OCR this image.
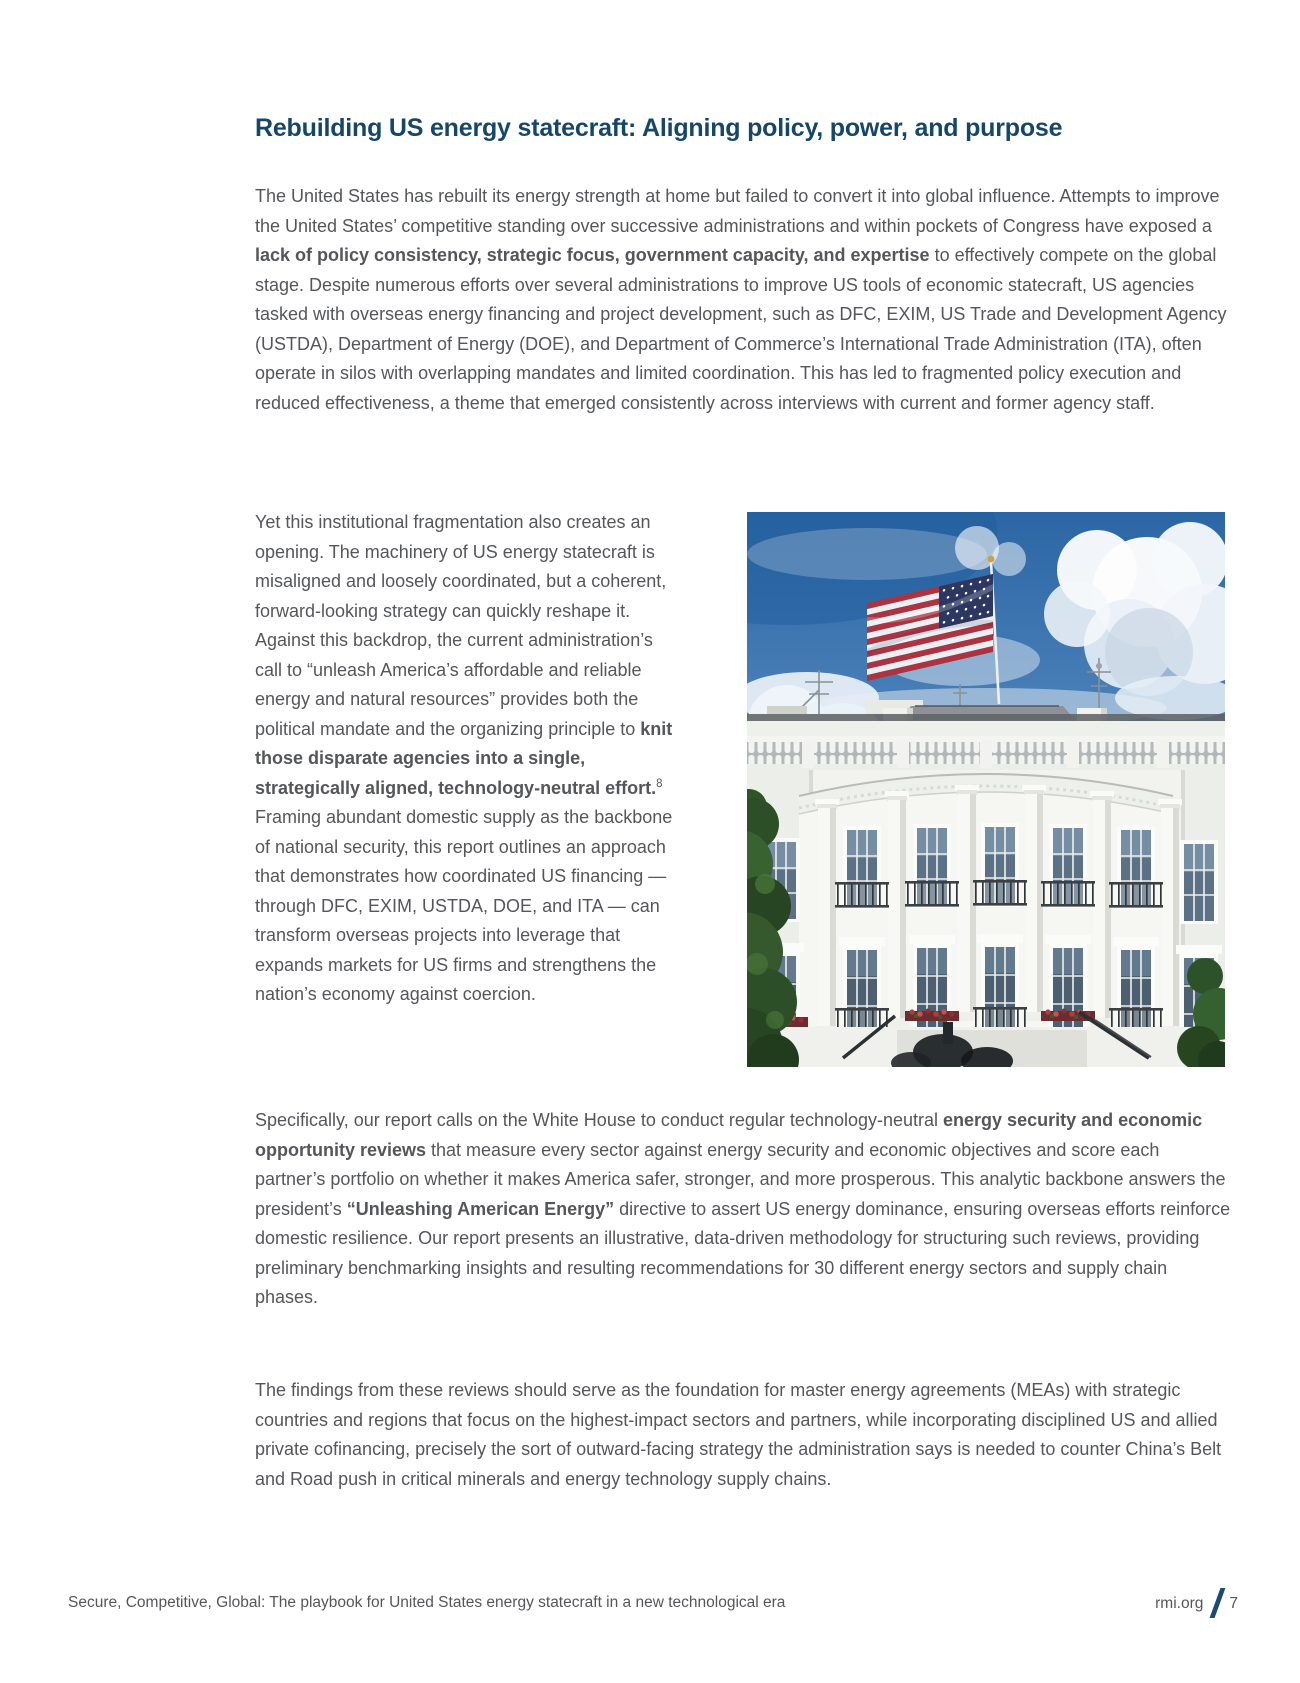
Rebuilding US energy statecraft: Aligning policy, power, and purpose

The United States has rebuilt its energy strength at home but failed to convert it into global influence. Attempts to improve the United States’ competitive standing over successive administrations and within pockets of Congress have exposed a lack of policy consistency, strategic focus, government capacity, and expertise to effectively compete on the global stage. Despite numerous efforts over several administrations to improve US tools of economic statecraft, US agencies tasked with overseas energy financing and project development, such as DFC, EXIM, US Trade and Development Agency (USTDA), Department of Energy (DOE), and Department of Commerce’s International Trade Administration (ITA), often operate in silos with overlapping mandates and limited coordination. This has led to fragmented policy execution and reduced effectiveness, a theme that emerged consistently across interviews with current and former agency staff.

Yet this institutional fragmentation also creates an opening. The machinery of US energy statecraft is misaligned and loosely coordinated, but a coherent, forward-looking strategy can quickly reshape it. Against this backdrop, the current administration’s call to “unleash America’s affordable and reliable energy and natural resources” provides both the political mandate and the organizing principle to knit those disparate agencies into a single, strategically aligned, technology-neutral effort.$^8$ Framing abundant domestic supply as the backbone of national security, this report outlines an approach that demonstrates how coordinated US financing — through DFC, EXIM, USTDA, DOE, and ITA — can transform overseas projects into leverage that expands markets for US firms and strengthens the nation’s economy against coercion.

Specifically, our report calls on the White House to conduct regular technology-neutral energy security and economic opportunity reviews that measure every sector against energy security and economic objectives and score each partner’s portfolio on whether it makes America safer, stronger, and more prosperous. This analytic backbone answers the president’s “Unleashing American Energy” directive to assert US energy dominance, ensuring overseas efforts reinforce domestic resilience. Our report presents an illustrative, data-driven methodology for structuring such reviews, providing preliminary benchmarking insights and resulting recommendations for 30 different energy sectors and supply chain phases.

The findings from these reviews should serve as the foundation for master energy agreements (MEAs) with strategic countries and regions that focus on the highest-impact sectors and partners, while incorporating disciplined US and allied private cofinancing, precisely the sort of outward-facing strategy the administration says is needed to counter China’s Belt and Road push in critical minerals and energy technology supply chains.

Secure, Competitive, Global: The playbook for United States energy statecraft in a new technological era	rmi.org 7
